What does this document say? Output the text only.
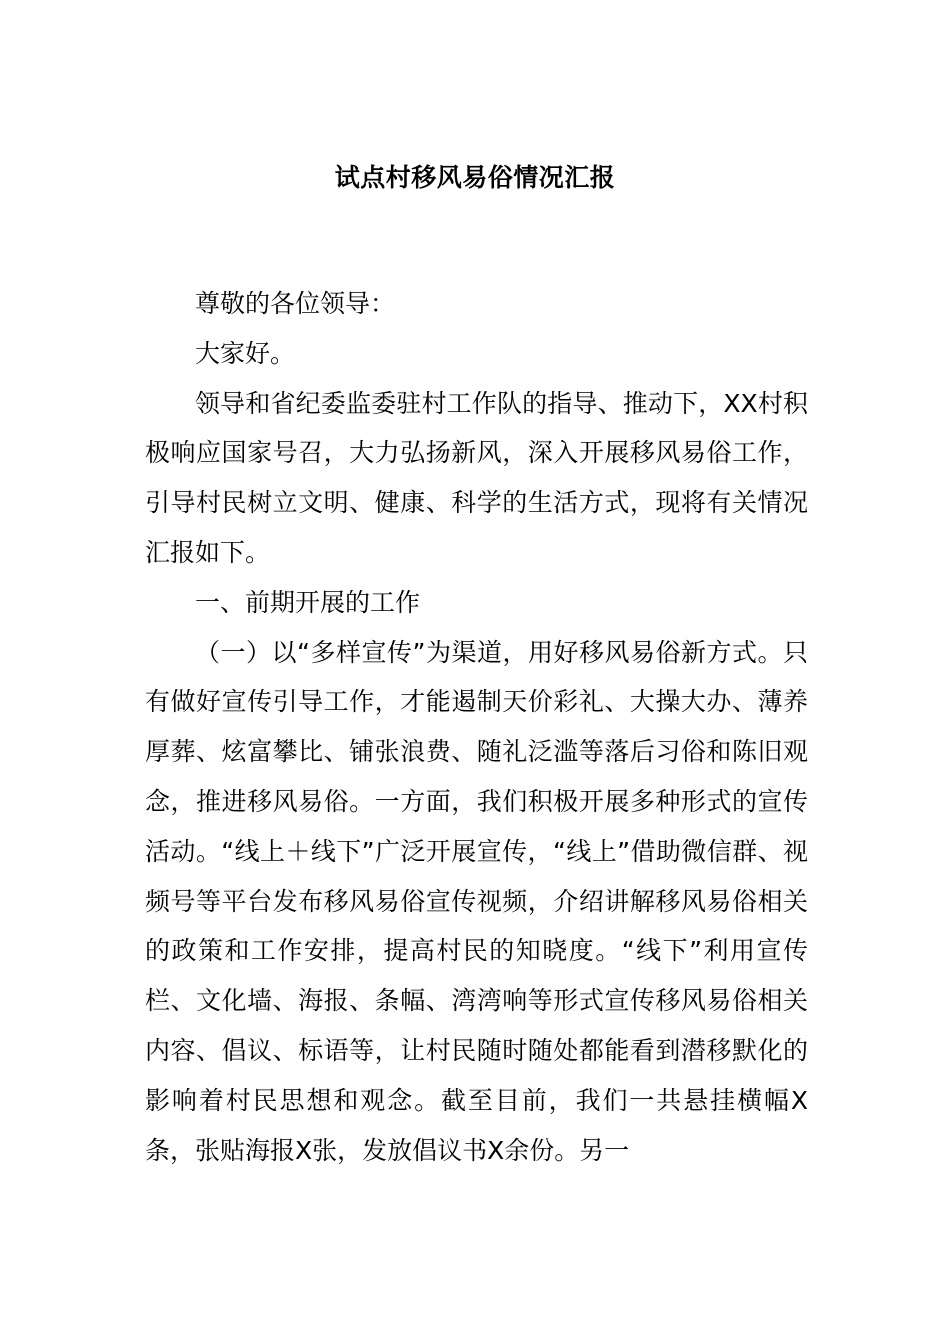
试点村移风易俗情况汇报

尊敬的各位领导：

大家好。

领导和省纪委监委驻村工作队的指导、推动下，XX村积极响应国家号召，大力弘扬新风，深入开展移风易俗工作，引导村民树立文明、健康、科学的生活方式，现将有关情况汇报如下。

一、前期开展的工作

（一）以“多样宣传”为渠道，用好移风易俗新方式。只有做好宣传引导工作，才能遏制天价彩礼、大操大办、薄养厚葬、炫富攀比、铺张浪费、随礼泛滥等落后习俗和陈旧观念，推进移风易俗。一方面，我们积极开展多种形式的宣传活动。“线上＋线下”广泛开展宣传，“线上”借助微信群、视频号等平台发布移风易俗宣传视频，介绍讲解移风易俗相关的政策和工作安排，提高村民的知晓度。“线下”利用宣传栏、文化墙、海报、条幅、湾湾响等形式宣传移风易俗相关内容、倡议、标语等，让村民随时随处都能看到潜移默化的影响着村民思想和观念。截至目前，我们一共悬挂横幅X条，张贴海报X张，发放倡议书X余份。另一
